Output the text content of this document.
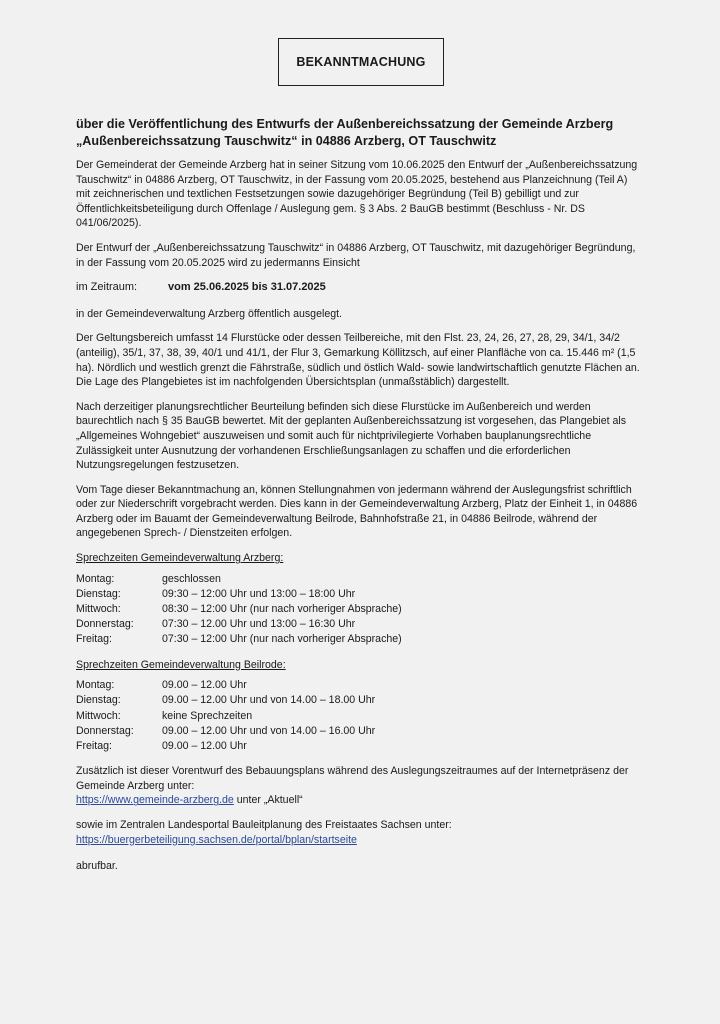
BEKANNTMACHUNG
über die Veröffentlichung des Entwurfs der Außenbereichssatzung der Gemeinde Arzberg
„Außenbereichssatzung Tauschwitz“ in 04886 Arzberg, OT Tauschwitz

Der Gemeinderat der Gemeinde Arzberg hat in seiner Sitzung vom 10.06.2025 den Entwurf der „Außenbereichssatzung Tauschwitz“ in 04886 Arzberg, OT Tauschwitz, in der Fassung vom 20.05.2025, bestehend aus Planzeichnung (Teil A) mit zeichnerischen und textlichen Festsetzungen sowie dazugehöriger Begründung (Teil B) gebilligt und zur Öffentlichkeitsbeteiligung durch Offenlage / Auslegung gem. § 3 Abs. 2 BauGB bestimmt (Beschluss - Nr. DS 041/06/2025).

Der Entwurf der „Außenbereichssatzung Tauschwitz“ in 04886 Arzberg, OT Tauschwitz, mit dazugehöriger Begründung, in der Fassung vom 20.05.2025 wird zu jedermanns Einsicht

im Zeitraum:	vom 25.06.2025 bis 31.07.2025

in der Gemeindeverwaltung Arzberg öffentlich ausgelegt.

Der Geltungsbereich umfasst 14 Flurstücke oder dessen Teilbereiche, mit den Flst. 23, 24, 26, 27, 28, 29, 34/1, 34/2 (anteilig), 35/1, 37, 38, 39, 40/1 und 41/1, der Flur 3, Gemarkung Köllitzsch, auf einer Planfläche von ca. 15.446 m² (1,5 ha). Nördlich und westlich grenzt die Fährstraße, südlich und östlich Wald- sowie landwirtschaftlich genutzte Flächen an. Die Lage des Plangebietes ist im nachfolgenden Übersichtsplan (unmaßstäblich) dargestellt.

Nach derzeitiger planungsrechtlicher Beurteilung befinden sich diese Flurstücke im Außenbereich und werden baurechtlich nach § 35 BauGB bewertet. Mit der geplanten Außenbereichssatzung ist vorgesehen, das Plangebiet als „Allgemeines Wohngebiet“ auszuweisen und somit auch für nichtprivilegierte Vorhaben bauplanungsrechtliche Zulässigkeit unter Ausnutzung der vorhandenen Erschließungsanlagen zu schaffen und die erforderlichen Nutzungsregelungen festzusetzen.

Vom Tage dieser Bekanntmachung an, können Stellungnahmen von jedermann während der Auslegungsfrist schriftlich oder zur Niederschrift vorgebracht werden. Dies kann in der Gemeindeverwaltung Arzberg, Platz der Einheit 1, in 04886 Arzberg oder im Bauamt der Gemeindeverwaltung Beilrode, Bahnhofstraße 21, in 04886 Beilrode, während der angegebenen Sprech- / Dienstzeiten erfolgen.

Sprechzeiten Gemeindeverwaltung Arzberg:
Montag:	geschlossen
Dienstag:	09:30 – 12:00 Uhr und 13:00 – 18:00 Uhr
Mittwoch:	08:30 – 12:00 Uhr (nur nach vorheriger Absprache)
Donnerstag:	07:30 – 12.00 Uhr und 13:00 – 16:30 Uhr
Freitag:	07:30 – 12:00 Uhr (nur nach vorheriger Absprache)
Sprechzeiten Gemeindeverwaltung Beilrode:
Montag:	09.00 – 12.00 Uhr
Dienstag:	09.00 – 12.00 Uhr und von 14.00 – 18.00 Uhr
Mittwoch:	keine Sprechzeiten
Donnerstag:	09.00 – 12.00 Uhr und von 14.00 – 16.00 Uhr
Freitag:	09.00 – 12.00 Uhr

Zusätzlich ist dieser Vorentwurf des Bebauungsplans während des Auslegungszeitraumes auf der Internetpräsenz der Gemeinde Arzberg unter:

https://www.gemeinde-arzberg.de unter „Aktuell“

sowie im Zentralen Landesportal Bauleitplanung des Freistaates Sachsen unter:

https://buergerbeteiligung.sachsen.de/portal/bplan/startseite

abrufbar.
